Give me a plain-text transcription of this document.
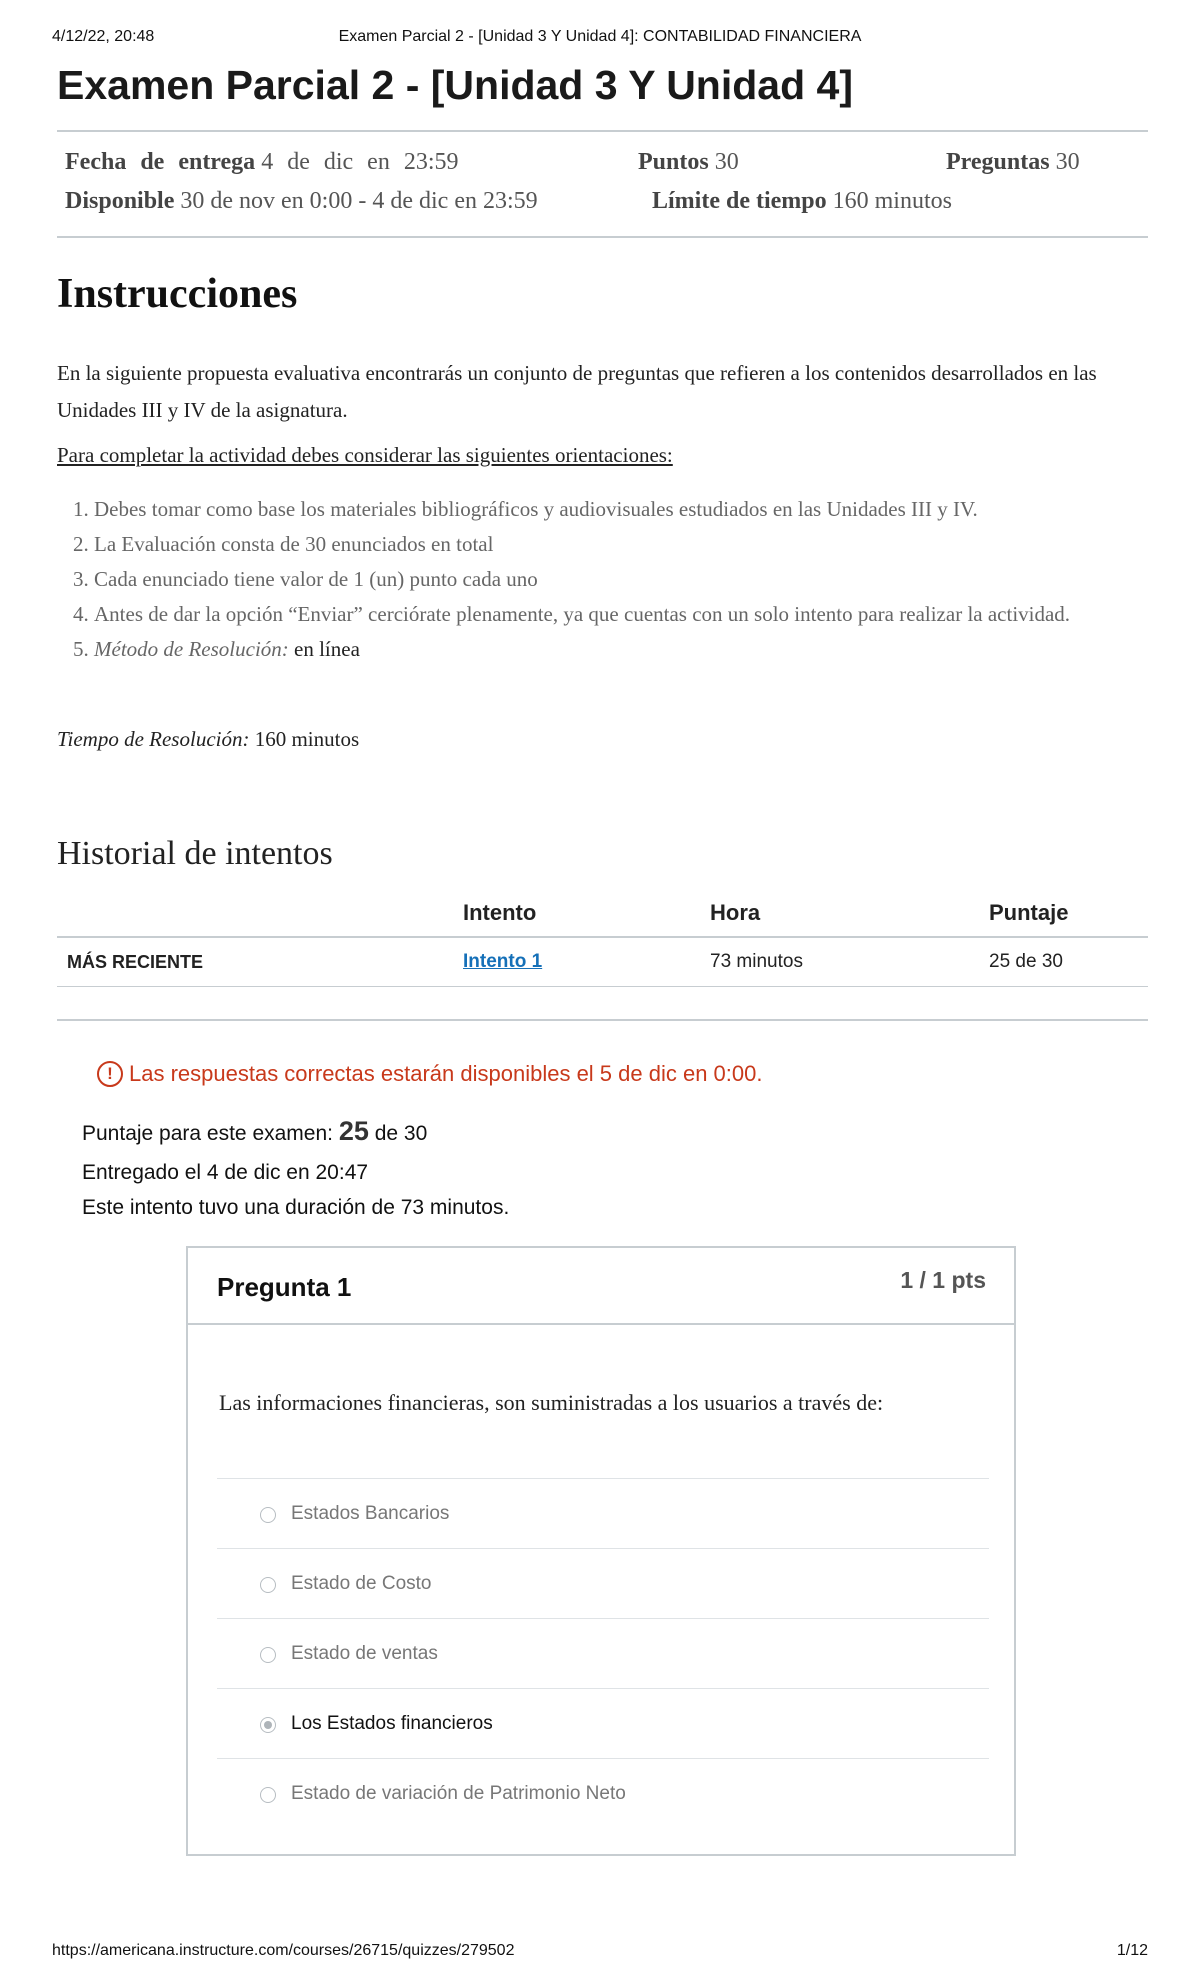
4/12/22, 20:48	Examen Parcial 2 - [Unidad 3 Y Unidad 4]: CONTABILIDAD FINANCIERA
Examen Parcial 2 - [Unidad 3 Y Unidad 4]
Fecha de entrega 4 de dic en 23:59	Puntos 30	Preguntas 30
Disponible 30 de nov en 0:00 - 4 de dic en 23:59	Límite de tiempo 160 minutos
Instrucciones
En la siguiente propuesta evaluativa encontrarás un conjunto de preguntas que refieren a los contenidos desarrollados en las Unidades III y IV de la asignatura.
Para completar la actividad debes considerar las siguientes orientaciones:
1. Debes tomar como base los materiales bibliográficos y audiovisuales estudiados en las Unidades III y IV.
2. La Evaluación consta de 30 enunciados en total
3. Cada enunciado tiene valor de 1 (un) punto cada uno
4. Antes de dar la opción “Enviar” cerciórate plenamente, ya que cuentas con un solo intento para realizar la actividad.
5. Método de Resolución: en línea
Tiempo de Resolución: 160 minutos
Historial de intentos
	Intento	Hora	Puntaje
MÁS RECIENTE	Intento 1	73 minutos	25 de 30
! Las respuestas correctas estarán disponibles el 5 de dic en 0:00.
Puntaje para este examen: 25 de 30
Entregado el 4 de dic en 20:47
Este intento tuvo una duración de 73 minutos.
Pregunta 1	1 / 1 pts
Las informaciones financieras, son suministradas a los usuarios a través de:
Estados Bancarios
Estado de Costo
Estado de ventas
Los Estados financieros
Estado de variación de Patrimonio Neto
https://americana.instructure.com/courses/26715/quizzes/279502	1/12
